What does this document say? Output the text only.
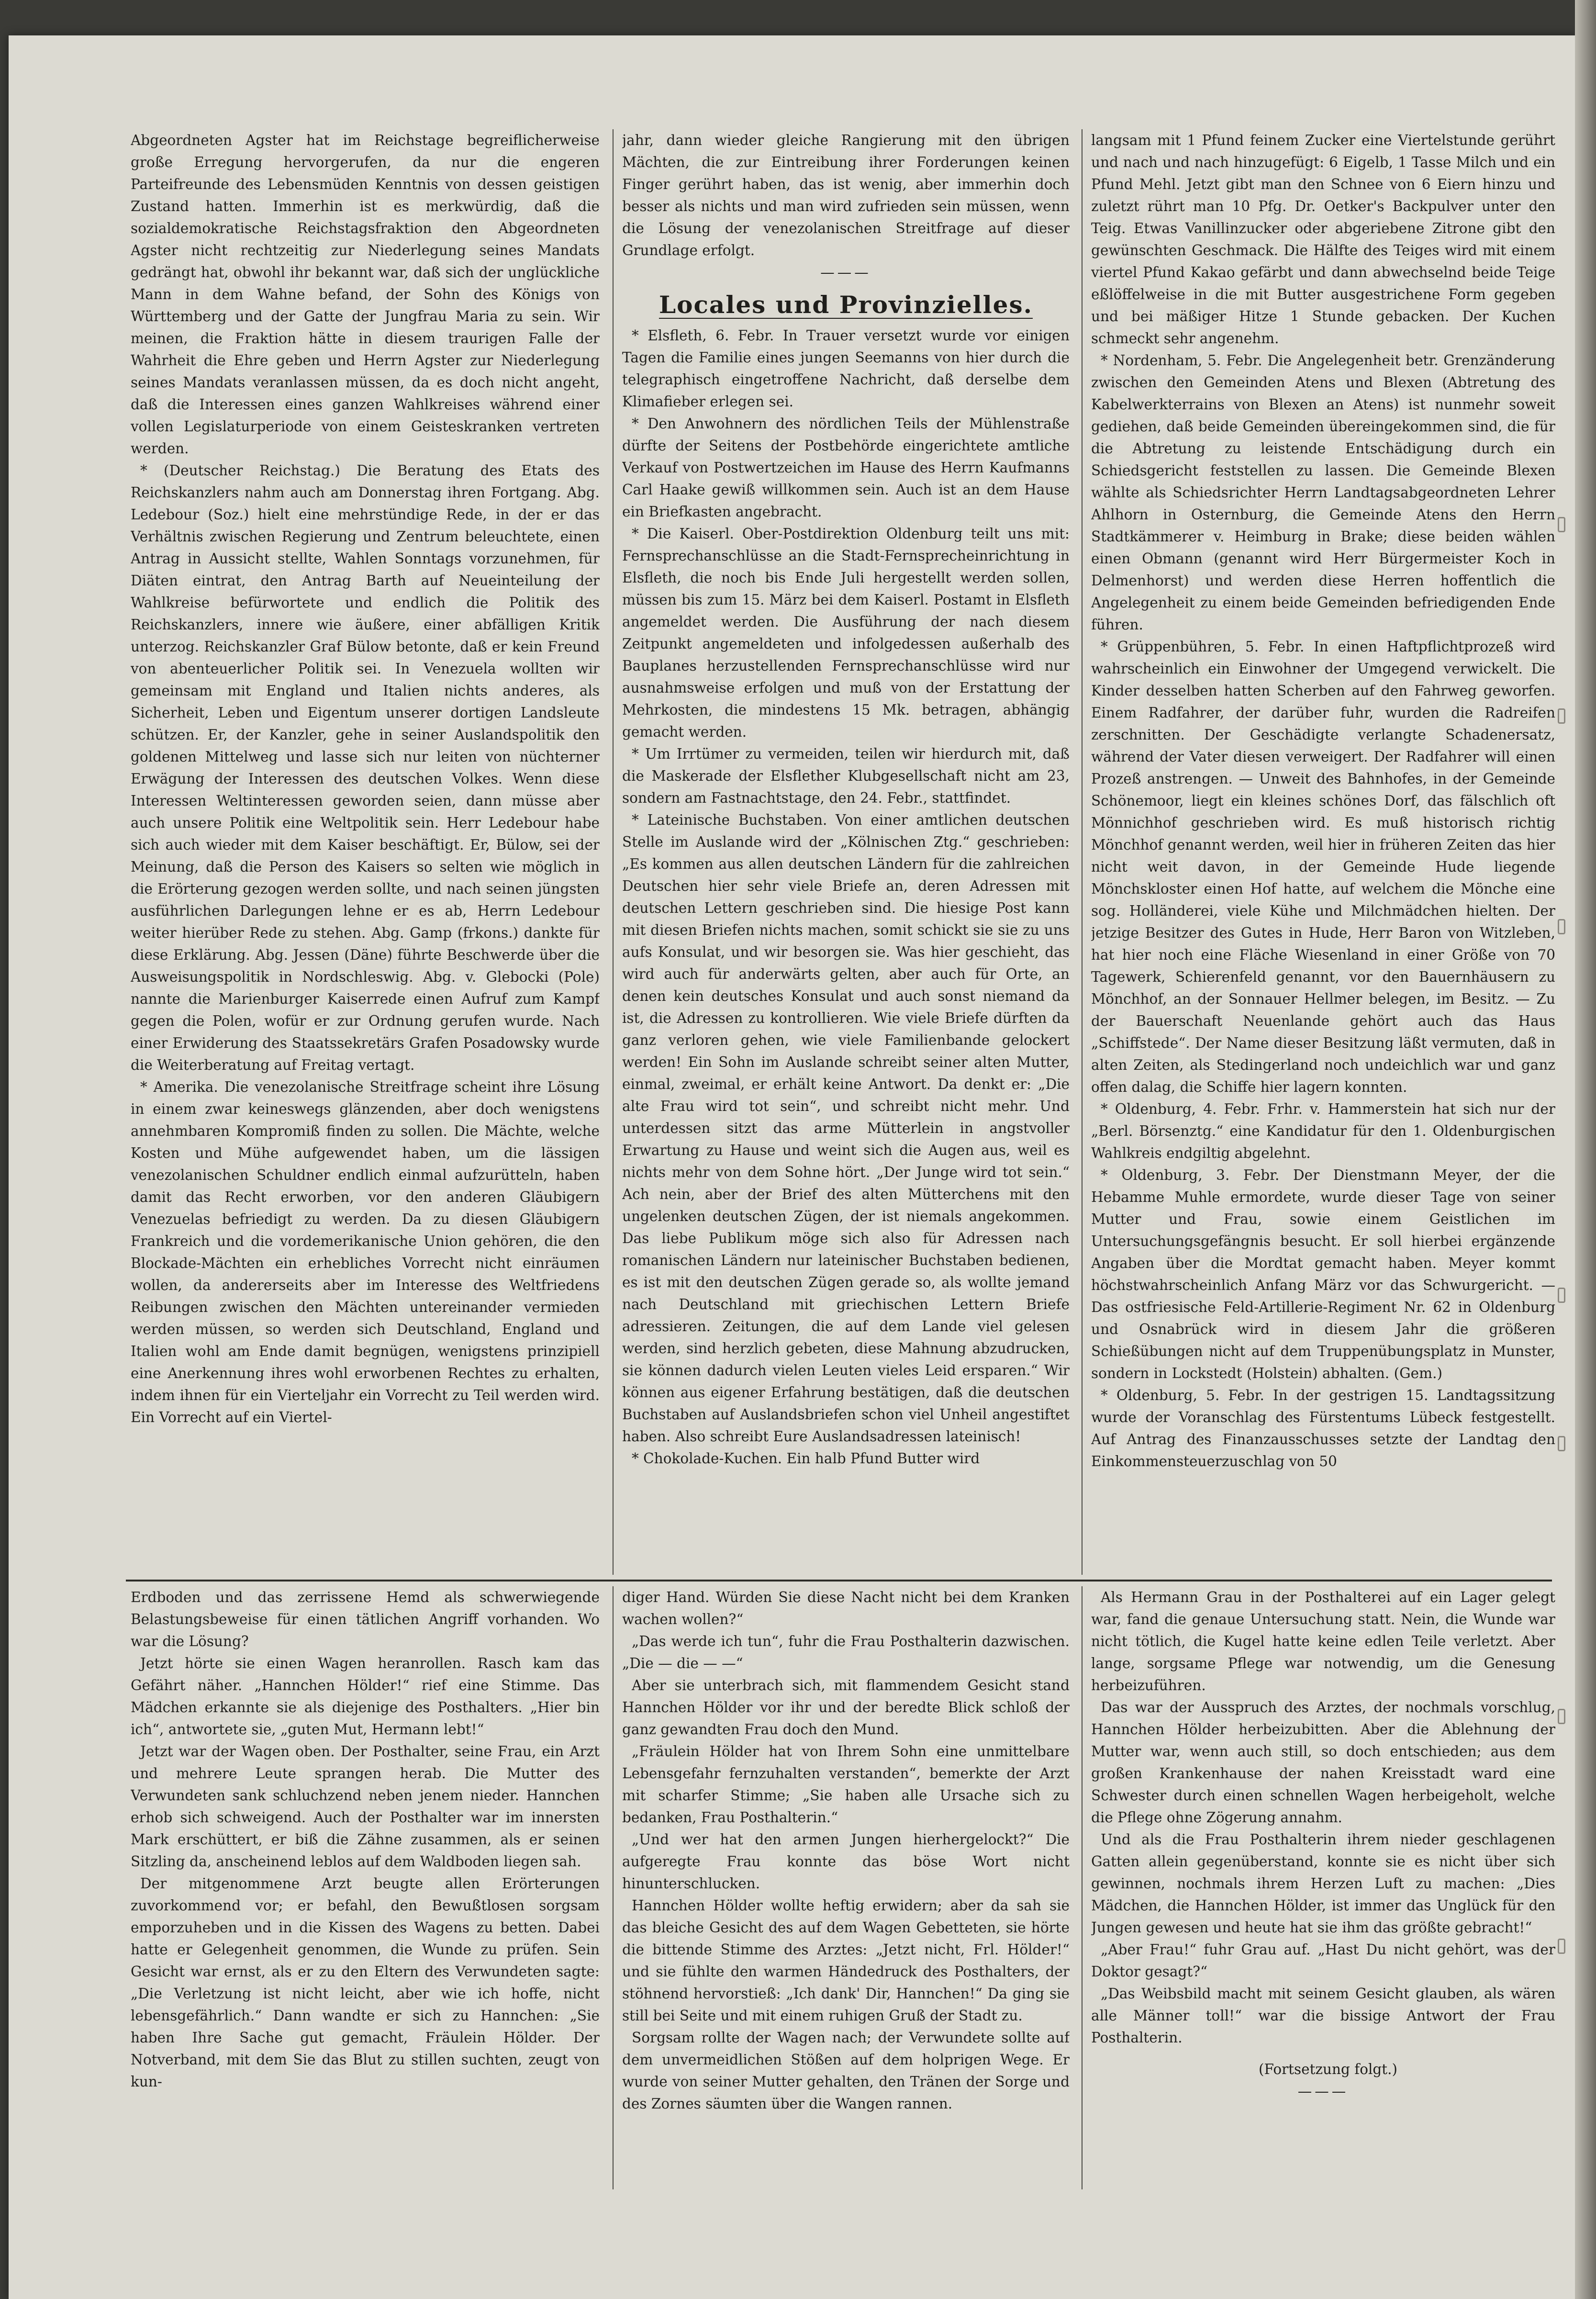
Abgeordneten Agster hat im Reichstage begreiflicherweise große Erregung hervorgerufen, da nur die engeren Parteifreunde des Lebensmüden Kenntnis von dessen geistigen Zustand hatten. Immerhin ist es merkwürdig, daß die sozialdemokratische Reichstagsfraktion den Abgeordneten Agster nicht rechtzeitig zur Niederlegung seines Mandats gedrängt hat, obwohl ihr bekannt war, daß sich der unglückliche Mann in dem Wahne befand, der Sohn des Königs von Württemberg und der Gatte der Jungfrau Maria zu sein. Wir meinen, die Fraktion hätte in diesem traurigen Falle der Wahrheit die Ehre geben und Herrn Agster zur Niederlegung seines Mandats veranlassen müssen, da es doch nicht angeht, daß die Interessen eines ganzen Wahlkreises während einer vollen Legislaturperiode von einem Geisteskranken vertreten werden.

* (Deutscher Reichstag.) Die Beratung des Etats des Reichskanzlers nahm auch am Donnerstag ihren Fortgang. Abg. Ledebour (Soz.) hielt eine mehrstündige Rede, in der er das Verhältnis zwischen Regierung und Zentrum beleuchtete, einen Antrag in Aussicht stellte, Wahlen Sonntags vorzunehmen, für Diäten eintrat, den Antrag Barth auf Neueinteilung der Wahlkreise befürwortete und endlich die Politik des Reichskanzlers, innere wie äußere, einer abfälligen Kritik unterzog. Reichskanzler Graf Bülow betonte, daß er kein Freund von abenteuerlicher Politik sei. In Venezuela wollten wir gemeinsam mit England und Italien nichts anderes, als Sicherheit, Leben und Eigentum unserer dortigen Landsleute schützen. Er, der Kanzler, gehe in seiner Auslandspolitik den goldenen Mittelweg und lasse sich nur leiten von nüchterner Erwägung der Interessen des deutschen Volkes. Wenn diese Interessen Weltinteressen geworden seien, dann müsse aber auch unsere Politik eine Weltpolitik sein. Herr Ledebour habe sich auch wieder mit dem Kaiser beschäftigt. Er, Bülow, sei der Meinung, daß die Person des Kaisers so selten wie möglich in die Erörterung gezogen werden sollte, und nach seinen jüngsten ausführlichen Darlegungen lehne er es ab, Herrn Ledebour weiter hierüber Rede zu stehen. Abg. Gamp (frkons.) dankte für diese Erklärung. Abg. Jessen (Däne) führte Beschwerde über die Ausweisungspolitik in Nordschleswig. Abg. v. Glebocki (Pole) nannte die Marienburger Kaiserrede einen Aufruf zum Kampf gegen die Polen, wofür er zur Ordnung gerufen wurde. Nach einer Erwiderung des Staatssekretärs Grafen Posadowsky wurde die Weiterberatung auf Freitag vertagt.

* Amerika. Die venezolanische Streitfrage scheint ihre Lösung in einem zwar keineswegs glänzenden, aber doch wenigstens annehmbaren Kompromiß finden zu sollen. Die Mächte, welche Kosten und Mühe aufgewendet haben, um die lässigen venezolanischen Schuldner endlich einmal aufzurütteln, haben damit das Recht erworben, vor den anderen Gläubigern Venezuelas befriedigt zu werden. Da zu diesen Gläubigern Frankreich und die vordemerikanische Union gehören, die den Blockade-Mächten ein erhebliches Vorrecht nicht einräumen wollen, da andererseits aber im Interesse des Weltfriedens Reibungen zwischen den Mächten untereinander vermieden werden müssen, so werden sich Deutschland, England und Italien wohl am Ende damit begnügen, wenigstens prinzipiell eine Anerkennung ihres wohl erworbenen Rechtes zu erhalten, indem ihnen für ein Vierteljahr ein Vorrecht zu Teil werden wird. Ein Vorrecht auf ein Viertel-

jahr, dann wieder gleiche Rangierung mit den übrigen Mächten, die zur Eintreibung ihrer Forderungen keinen Finger gerührt haben, das ist wenig, aber immerhin doch besser als nichts und man wird zufrieden sein müssen, wenn die Lösung der venezolanischen Streitfrage auf dieser Grundlage erfolgt.

———
Locales und Provinzielles.

* Elsfleth, 6. Febr. In Trauer versetzt wurde vor einigen Tagen die Familie eines jungen Seemanns von hier durch die telegraphisch eingetroffene Nachricht, daß derselbe dem Klimafieber erlegen sei.

* Den Anwohnern des nördlichen Teils der Mühlenstraße dürfte der Seitens der Postbehörde eingerichtete amtliche Verkauf von Postwertzeichen im Hause des Herrn Kaufmanns Carl Haake gewiß willkommen sein. Auch ist an dem Hause ein Briefkasten angebracht.

* Die Kaiserl. Ober-Postdirektion Oldenburg teilt uns mit: Fernsprechanschlüsse an die Stadt-Fernsprecheinrichtung in Elsfleth, die noch bis Ende Juli hergestellt werden sollen, müssen bis zum 15. März bei dem Kaiserl. Postamt in Elsfleth angemeldet werden. Die Ausführung der nach diesem Zeitpunkt angemeldeten und infolgedessen außerhalb des Bauplanes herzustellenden Fernsprechanschlüsse wird nur ausnahmsweise erfolgen und muß von der Erstattung der Mehrkosten, die mindestens 15 Mk. betragen, abhängig gemacht werden.

* Um Irrtümer zu vermeiden, teilen wir hierdurch mit, daß die Maskerade der Elsflether Klubgesellschaft nicht am 23, sondern am Fastnachtstage, den 24. Febr., stattfindet.

* Lateinische Buchstaben. Von einer amtlichen deutschen Stelle im Auslande wird der „Kölnischen Ztg.“ geschrieben: „Es kommen aus allen deutschen Ländern für die zahlreichen Deutschen hier sehr viele Briefe an, deren Adressen mit deutschen Lettern geschrieben sind. Die hiesige Post kann mit diesen Briefen nichts machen, somit schickt sie sie zu uns aufs Konsulat, und wir besorgen sie. Was hier geschieht, das wird auch für anderwärts gelten, aber auch für Orte, an denen kein deutsches Konsulat und auch sonst niemand da ist, die Adressen zu kontrollieren. Wie viele Briefe dürften da ganz verloren gehen, wie viele Familienbande gelockert werden! Ein Sohn im Auslande schreibt seiner alten Mutter, einmal, zweimal, er erhält keine Antwort. Da denkt er: „Die alte Frau wird tot sein“, und schreibt nicht mehr. Und unterdessen sitzt das arme Mütterlein in angstvoller Erwartung zu Hause und weint sich die Augen aus, weil es nichts mehr von dem Sohne hört. „Der Junge wird tot sein.“ Ach nein, aber der Brief des alten Mütterchens mit den ungelenken deutschen Zügen, der ist niemals angekommen. Das liebe Publikum möge sich also für Adressen nach romanischen Ländern nur lateinischer Buchstaben bedienen, es ist mit den deutschen Zügen gerade so, als wollte jemand nach Deutschland mit griechischen Lettern Briefe adressieren. Zeitungen, die auf dem Lande viel gelesen werden, sind herzlich gebeten, diese Mahnung abzudrucken, sie können dadurch vielen Leuten vieles Leid ersparen.“ Wir können aus eigener Erfahrung bestätigen, daß die deutschen Buchstaben auf Auslandsbriefen schon viel Unheil angestiftet haben. Also schreibt Eure Auslandsadressen lateinisch!

* Chokolade-Kuchen. Ein halb Pfund Butter wird

langsam mit 1 Pfund feinem Zucker eine Viertelstunde gerührt und nach und nach hinzugefügt: 6 Eigelb, 1 Tasse Milch und ein Pfund Mehl. Jetzt gibt man den Schnee von 6 Eiern hinzu und zuletzt rührt man 10 Pfg. Dr. Oetker's Backpulver unter den Teig. Etwas Vanillinzucker oder abgeriebene Zitrone gibt den gewünschten Geschmack. Die Hälfte des Teiges wird mit einem viertel Pfund Kakao gefärbt und dann abwechselnd beide Teige eßlöffelweise in die mit Butter ausgestrichene Form gegeben und bei mäßiger Hitze 1 Stunde gebacken. Der Kuchen schmeckt sehr angenehm.

* Nordenham, 5. Febr. Die Angelegenheit betr. Grenzänderung zwischen den Gemeinden Atens und Blexen (Abtretung des Kabelwerkterrains von Blexen an Atens) ist nunmehr soweit gediehen, daß beide Gemeinden übereingekommen sind, die für die Abtretung zu leistende Entschädigung durch ein Schiedsgericht feststellen zu lassen. Die Gemeinde Blexen wählte als Schiedsrichter Herrn Landtagsabgeordneten Lehrer Ahlhorn in Osternburg, die Gemeinde Atens den Herrn Stadtkämmerer v. Heimburg in Brake; diese beiden wählen einen Obmann (genannt wird Herr Bürgermeister Koch in Delmenhorst) und werden diese Herren hoffentlich die Angelegenheit zu einem beide Gemeinden befriedigenden Ende führen.

* Grüppenbühren, 5. Febr. In einen Haftpflichtprozeß wird wahrscheinlich ein Einwohner der Umgegend verwickelt. Die Kinder desselben hatten Scherben auf den Fahrweg geworfen. Einem Radfahrer, der darüber fuhr, wurden die Radreifen zerschnitten. Der Geschädigte verlangte Schadenersatz, während der Vater diesen verweigert. Der Radfahrer will einen Prozeß anstrengen. — Unweit des Bahnhofes, in der Gemeinde Schönemoor, liegt ein kleines schönes Dorf, das fälschlich oft Mönnichhof geschrieben wird. Es muß historisch richtig Mönchhof genannt werden, weil hier in früheren Zeiten das hier nicht weit davon, in der Gemeinde Hude liegende Mönchskloster einen Hof hatte, auf welchem die Mönche eine sog. Holländerei, viele Kühe und Milchmädchen hielten. Der jetzige Besitzer des Gutes in Hude, Herr Baron von Witzleben, hat hier noch eine Fläche Wiesenland in einer Größe von 70 Tagewerk, Schierenfeld genannt, vor den Bauernhäusern zu Mönchhof, an der Sonnauer Hellmer belegen, im Besitz. — Zu der Bauerschaft Neuenlande gehört auch das Haus „Schiffstede“. Der Name dieser Besitzung läßt vermuten, daß in alten Zeiten, als Stedingerland noch undeichlich war und ganz offen dalag, die Schiffe hier lagern konnten.

* Oldenburg, 4. Febr. Frhr. v. Hammerstein hat sich nur der „Berl. Börsenztg.“ eine Kandidatur für den 1. Oldenburgischen Wahlkreis endgiltig abgelehnt.

* Oldenburg, 3. Febr. Der Dienstmann Meyer, der die Hebamme Muhle ermordete, wurde dieser Tage von seiner Mutter und Frau, sowie einem Geistlichen im Untersuchungsgefängnis besucht. Er soll hierbei ergänzende Angaben über die Mordtat gemacht haben. Meyer kommt höchstwahrscheinlich Anfang März vor das Schwurgericht. — Das ostfriesische Feld-Artillerie-Regiment Nr. 62 in Oldenburg und Osnabrück wird in diesem Jahr die größeren Schießübungen nicht auf dem Truppenübungsplatz in Munster, sondern in Lockstedt (Holstein) abhalten. (Gem.)

* Oldenburg, 5. Febr. In der gestrigen 15. Landtagssitzung wurde der Voranschlag des Fürstentums Lübeck festgestellt. Auf Antrag des Finanzausschusses setzte der Landtag den Einkommensteuerzuschlag von 50

Erdboden und das zerrissene Hemd als schwerwiegende Belastungsbeweise für einen tätlichen Angriff vorhanden. Wo war die Lösung?

Jetzt hörte sie einen Wagen heranrollen. Rasch kam das Gefährt näher. „Hannchen Hölder!“ rief eine Stimme. Das Mädchen erkannte sie als diejenige des Posthalters. „Hier bin ich“, antwortete sie, „guten Mut, Hermann lebt!“

Jetzt war der Wagen oben. Der Posthalter, seine Frau, ein Arzt und mehrere Leute sprangen herab. Die Mutter des Verwundeten sank schluchzend neben jenem nieder. Hannchen erhob sich schweigend. Auch der Posthalter war im innersten Mark erschüttert, er biß die Zähne zusammen, als er seinen Sitzling da, anscheinend leblos auf dem Waldboden liegen sah.

Der mitgenommene Arzt beugte allen Erörterungen zuvorkommend vor; er befahl, den Bewußtlosen sorgsam emporzuheben und in die Kissen des Wagens zu betten. Dabei hatte er Gelegenheit genommen, die Wunde zu prüfen. Sein Gesicht war ernst, als er zu den Eltern des Verwundeten sagte: „Die Verletzung ist nicht leicht, aber wie ich hoffe, nicht lebensgefährlich.“ Dann wandte er sich zu Hannchen: „Sie haben Ihre Sache gut gemacht, Fräulein Hölder. Der Notverband, mit dem Sie das Blut zu stillen suchten, zeugt von kun-

diger Hand. Würden Sie diese Nacht nicht bei dem Kranken wachen wollen?“

„Das werde ich tun“, fuhr die Frau Posthalterin dazwischen. „Die — die — —“

Aber sie unterbrach sich, mit flammendem Gesicht stand Hannchen Hölder vor ihr und der beredte Blick schloß der ganz gewandten Frau doch den Mund.

„Fräulein Hölder hat von Ihrem Sohn eine unmittelbare Lebensgefahr fernzuhalten verstanden“, bemerkte der Arzt mit scharfer Stimme; „Sie haben alle Ursache sich zu bedanken, Frau Posthalterin.“

„Und wer hat den armen Jungen hierhergelockt?“ Die aufgeregte Frau konnte das böse Wort nicht hinunterschlucken.

Hannchen Hölder wollte heftig erwidern; aber da sah sie das bleiche Gesicht des auf dem Wagen Gebetteten, sie hörte die bittende Stimme des Arztes: „Jetzt nicht, Frl. Hölder!“ und sie fühlte den warmen Händedruck des Posthalters, der stöhnend hervorstieß: „Ich dank' Dir, Hannchen!“ Da ging sie still bei Seite und mit einem ruhigen Gruß der Stadt zu.

Sorgsam rollte der Wagen nach; der Verwundete sollte auf dem unvermeidlichen Stößen auf dem holprigen Wege. Er wurde von seiner Mutter gehalten, den Tränen der Sorge und des Zornes säumten über die Wangen rannen.

Als Hermann Grau in der Posthalterei auf ein Lager gelegt war, fand die genaue Untersuchung statt. Nein, die Wunde war nicht tötlich, die Kugel hatte keine edlen Teile verletzt. Aber lange, sorgsame Pflege war notwendig, um die Genesung herbeizuführen.

Das war der Ausspruch des Arztes, der nochmals vorschlug, Hannchen Hölder herbeizubitten. Aber die Ablehnung der Mutter war, wenn auch still, so doch entschieden; aus dem großen Krankenhause der nahen Kreisstadt ward eine Schwester durch einen schnellen Wagen herbeigeholt, welche die Pflege ohne Zögerung annahm.

Und als die Frau Posthalterin ihrem nieder geschlagenen Gatten allein gegenüberstand, konnte sie es nicht über sich gewinnen, nochmals ihrem Herzen Luft zu machen: „Dies Mädchen, die Hannchen Hölder, ist immer das Unglück für den Jungen gewesen und heute hat sie ihm das größte gebracht!“

„Aber Frau!“ fuhr Grau auf. „Hast Du nicht gehört, was der Doktor gesagt?“

„Das Weibsbild macht mit seinem Gesicht glauben, als wären alle Männer toll!“ war die bissige Antwort der Frau Posthalterin.

(Fortsetzung folgt.)

———
